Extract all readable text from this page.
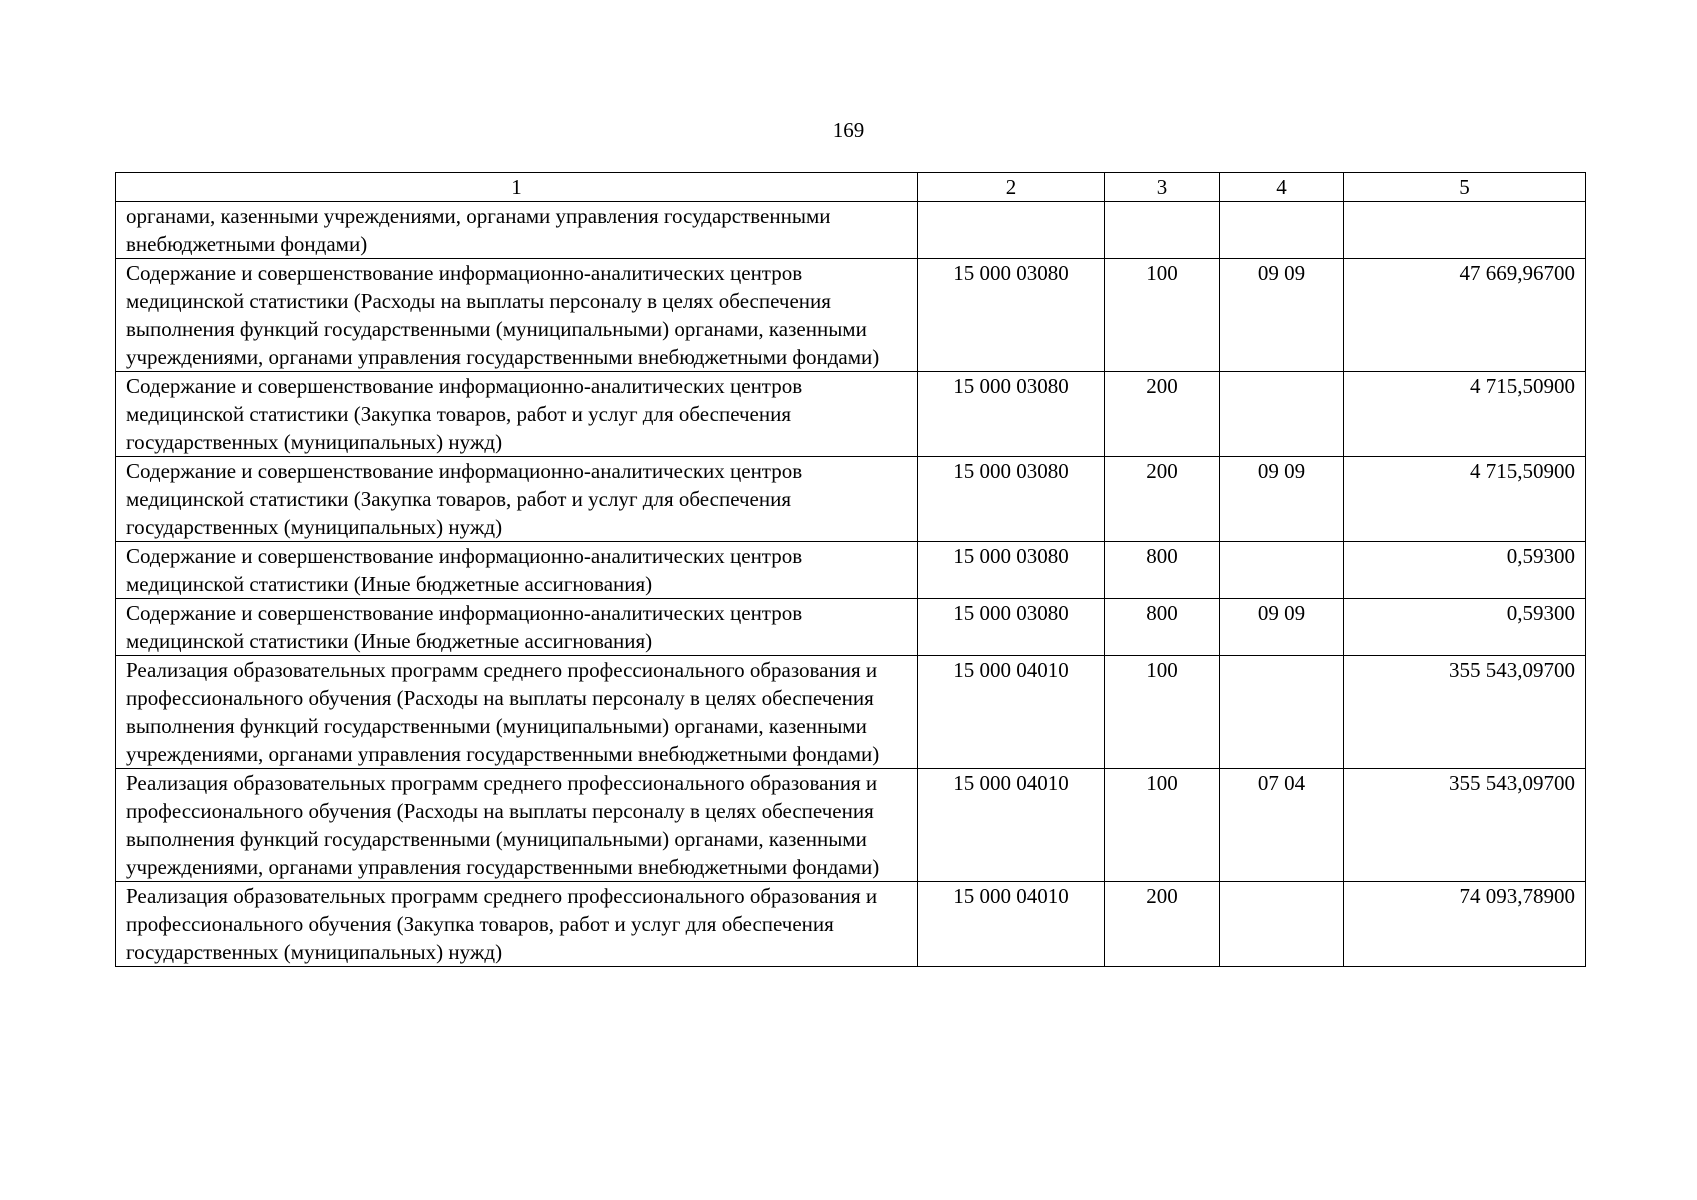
169
1	2	3	4	5
органами, казенными учреждениями, органами управления государственными внебюджетными фондами)				
Содержание и совершенствование информационно-аналитических центров медицинской статистики (Расходы на выплаты персоналу в целях обеспечения выполнения функций государственными (муниципальными) органами, казенными учреждениями, органами управления государственными внебюджетными фондами)	15 000 03080	100	09 09	47 669,96700
Содержание и совершенствование информационно-аналитических центров медицинской статистики (Закупка товаров, работ и услуг для обеспечения государственных (муниципальных) нужд)	15 000 03080	200		4 715,50900
Содержание и совершенствование информационно-аналитических центров медицинской статистики (Закупка товаров, работ и услуг для обеспечения государственных (муниципальных) нужд)	15 000 03080	200	09 09	4 715,50900
Содержание и совершенствование информационно-аналитических центров медицинской статистики (Иные бюджетные ассигнования)	15 000 03080	800		0,59300
Содержание и совершенствование информационно-аналитических центров медицинской статистики (Иные бюджетные ассигнования)	15 000 03080	800	09 09	0,59300
Реализация образовательных программ среднего профессионального образования и профессионального обучения (Расходы на выплаты персоналу в целях обеспечения выполнения функций государственными (муниципальными) органами, казенными учреждениями, органами управления государственными внебюджетными фондами)	15 000 04010	100		355 543,09700
Реализация образовательных программ среднего профессионального образования и профессионального обучения (Расходы на выплаты персоналу в целях обеспечения выполнения функций государственными (муниципальными) органами, казенными учреждениями, органами управления государственными внебюджетными фондами)	15 000 04010	100	07 04	355 543,09700
Реализация образовательных программ среднего профессионального образования и профессионального обучения (Закупка товаров, работ и услуг для обеспечения государственных (муниципальных) нужд)	15 000 04010	200		74 093,78900
